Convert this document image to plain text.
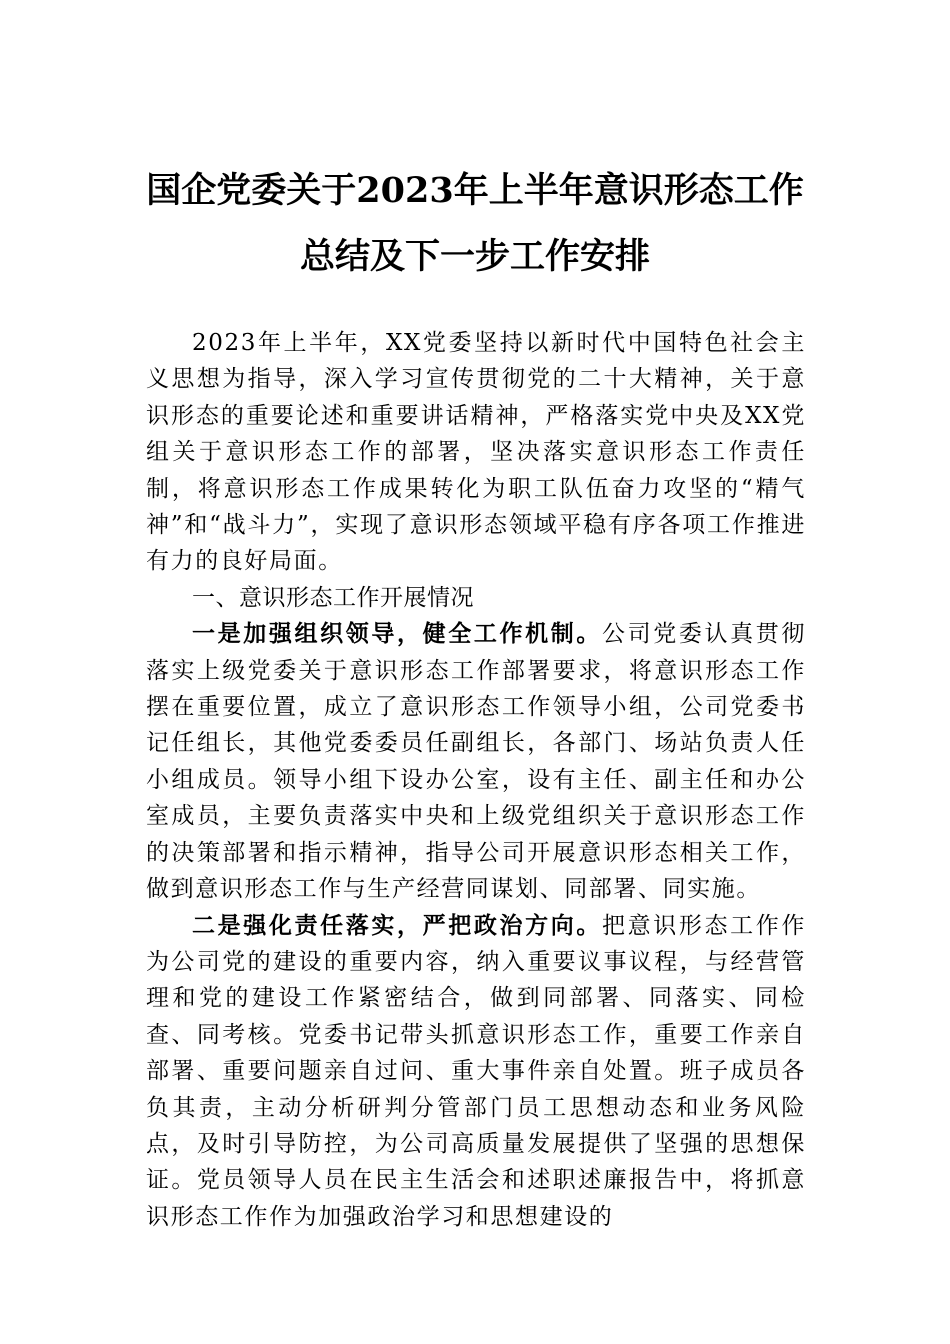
国企党委关于2023年上半年意识形态工作
总结及下一步工作安排

2023年上半年，XX党委坚持以新时代中国特色社会主义思想为指导，深入学习宣传贯彻党的二十大精神，关于意识形态的重要论述和重要讲话精神，严格落实党中央及XX党组关于意识形态工作的部署，坚决落实意识形态工作责任制，将意识形态工作成果转化为职工队伍奋力攻坚的“精气神”和“战斗力”，实现了意识形态领域平稳有序各项工作推进有力的良好局面。

一、意识形态工作开展情况

一是加强组织领导，健全工作机制。公司党委认真贯彻落实上级党委关于意识形态工作部署要求，将意识形态工作摆在重要位置，成立了意识形态工作领导小组，公司党委书记任组长，其他党委委员任副组长，各部门、场站负责人任小组成员。领导小组下设办公室，设有主任、副主任和办公室成员，主要负责落实中央和上级党组织关于意识形态工作的决策部署和指示精神，指导公司开展意识形态相关工作，做到意识形态工作与生产经营同谋划、同部署、同实施。

二是强化责任落实，严把政治方向。把意识形态工作作为公司党的建设的重要内容，纳入重要议事议程，与经营管理和党的建设工作紧密结合，做到同部署、同落实、同检查、同考核。党委书记带头抓意识形态工作，重要工作亲自部署、重要问题亲自过问、重大事件亲自处置。班子成员各负其责，主动分析研判分管部门员工思想动态和业务风险点，及时引导防控，为公司高质量发展提供了坚强的思想保证。党员领导人员在民主生活会和述职述廉报告中，将抓意识形态工作作为加强政治学习和思想建设的
